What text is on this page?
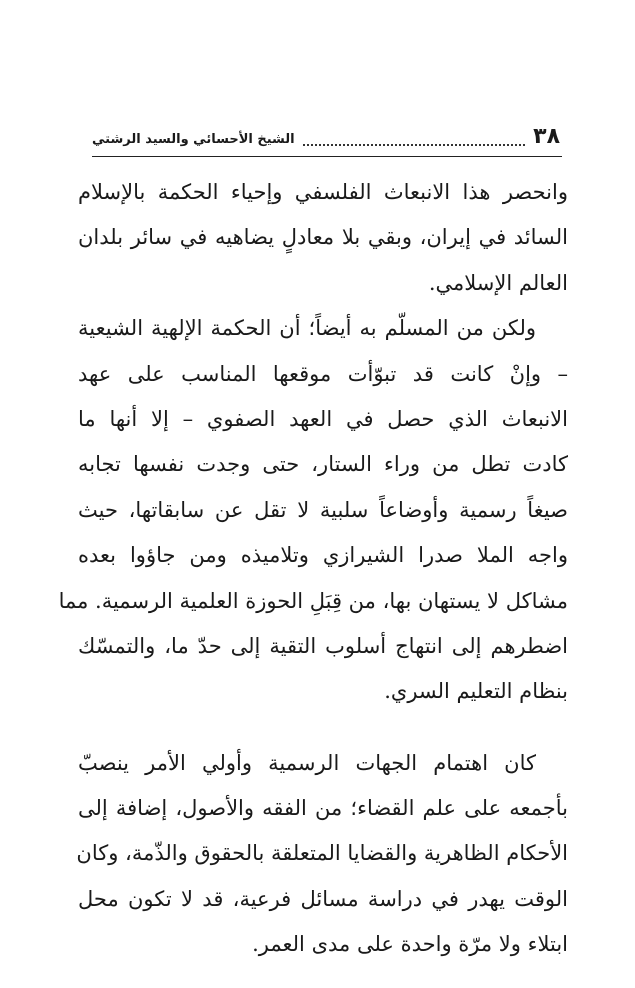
٣٨
الشيخ الأحسائي والسيد الرشتي
وانحصر هذا الانبعاث الفلسفي وإحياء الحكمة بالإسلام
السائد في إيران، وبقي بلا معادلٍ يضاهيه في سائر بلدان
العالم الإسلامي.
ولكن من المسلّم به أيضاً؛ أن الحكمة الإلهية الشيعية
– وإنْ كانت قد تبوّأت موقعها المناسب على عهد
الانبعاث الذي حصل في العهد الصفوي – إلا أنها ما
كادت تطل من وراء الستار، حتى وجدت نفسها تجابه
صيغاً رسمية وأوضاعاً سلبية لا تقل عن سابقاتها، حيث
واجه الملا صدرا الشيرازي وتلاميذه ومن جاؤوا بعده
مشاكل لا يستهان بها، من قِبَلِ الحوزة العلمية الرسمية. مما
اضطرهم إلى انتهاج أسلوب التقية إلى حدّ ما، والتمسّك
بنظام التعليم السري.
كان اهتمام الجهات الرسمية وأولي الأمر ينصبّ
بأجمعه على علم القضاء؛ من الفقه والأصول، إضافة إلى
الأحكام الظاهرية والقضايا المتعلقة بالحقوق والذّمة، وكان
الوقت يهدر في دراسة مسائل فرعية، قد لا تكون محل
ابتلاء ولا مرّة واحدة على مدى العمر.
